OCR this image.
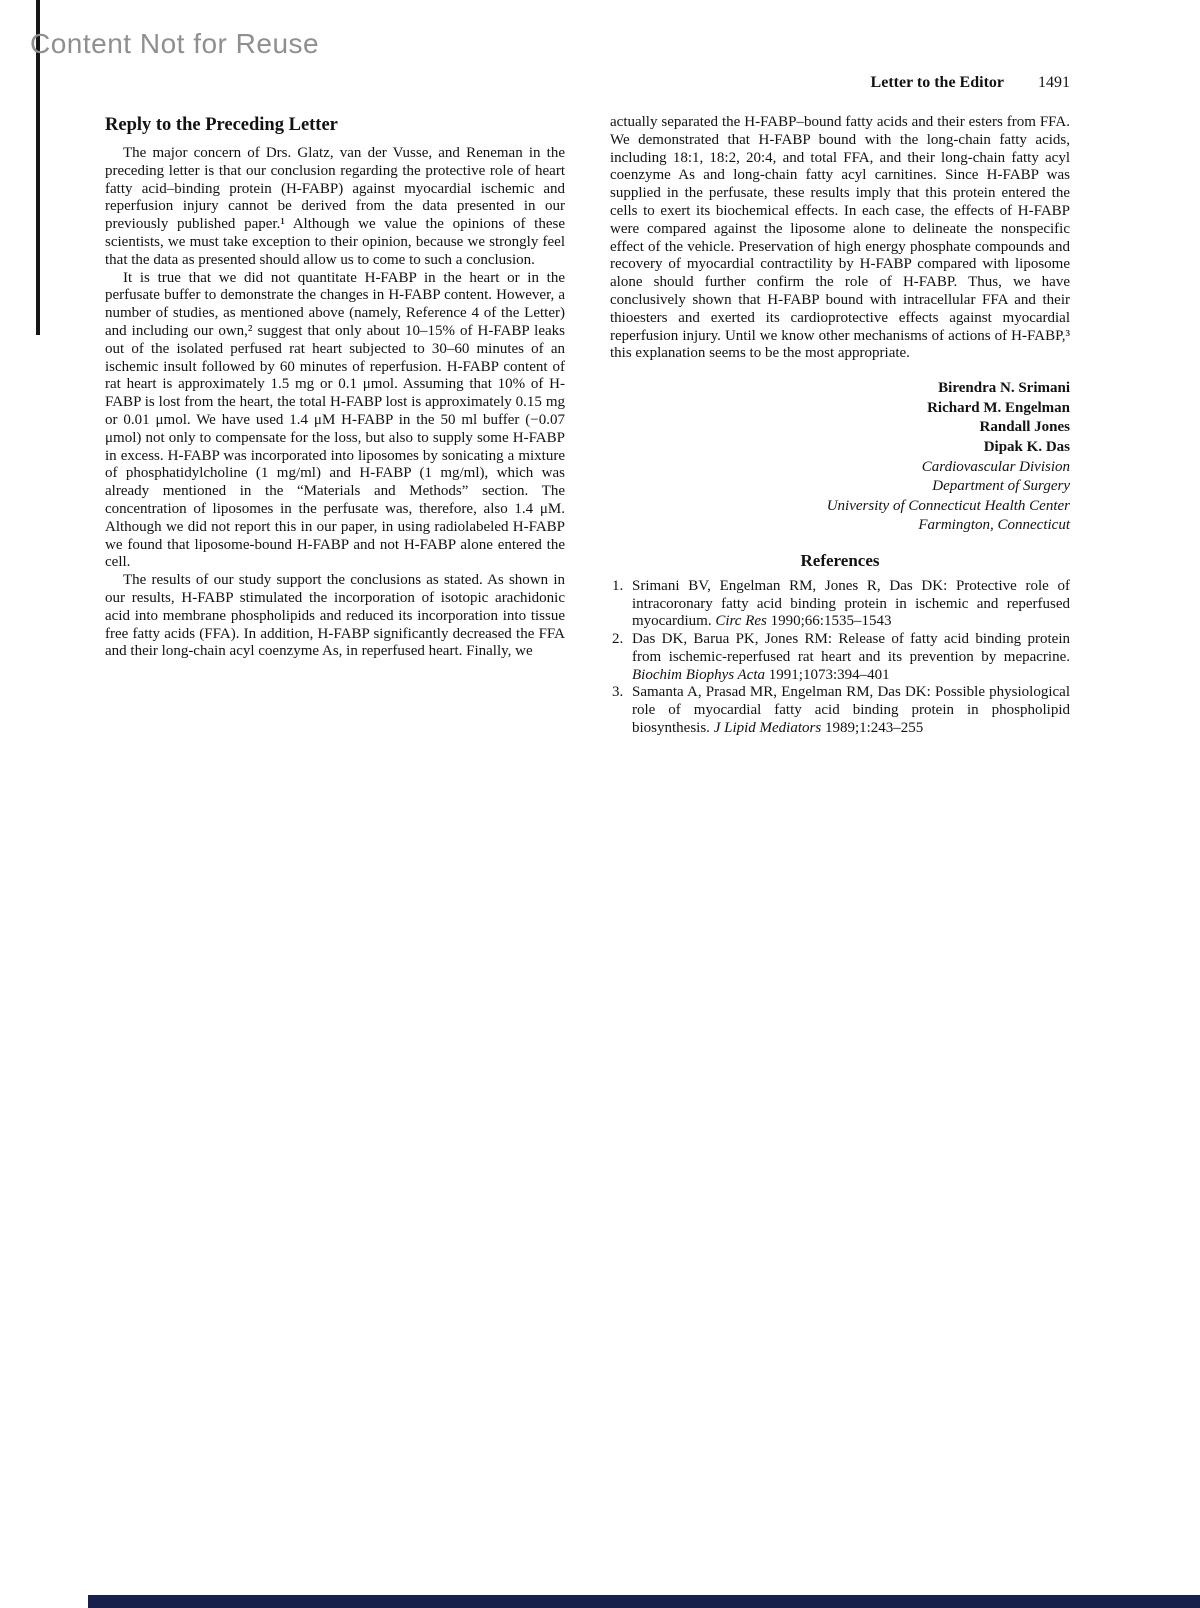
Content Not for Reuse
Letter to the Editor 1491
Reply to the Preceding Letter

The major concern of Drs. Glatz, van der Vusse, and Reneman in the preceding letter is that our conclusion regarding the protective role of heart fatty acid–binding protein (H-FABP) against myocardial ischemic and reperfusion injury cannot be derived from the data presented in our previously published paper.¹ Although we value the opinions of these scientists, we must take exception to their opinion, because we strongly feel that the data as presented should allow us to come to such a conclusion.

It is true that we did not quantitate H-FABP in the heart or in the perfusate buffer to demonstrate the changes in H-FABP content. However, a number of studies, as mentioned above (namely, Reference 4 of the Letter) and including our own,² suggest that only about 10–15% of H-FABP leaks out of the isolated perfused rat heart subjected to 30–60 minutes of an ischemic insult followed by 60 minutes of reperfusion. H-FABP content of rat heart is approximately 1.5 mg or 0.1 μmol. Assuming that 10% of H-FABP is lost from the heart, the total H-FABP lost is approximately 0.15 mg or 0.01 μmol. We have used 1.4 μM H-FABP in the 50 ml buffer (−0.07 μmol) not only to compensate for the loss, but also to supply some H-FABP in excess. H-FABP was incorporated into liposomes by sonicating a mixture of phosphatidylcholine (1 mg/ml) and H-FABP (1 mg/ml), which was already mentioned in the “Materials and Methods” section. The concentration of liposomes in the perfusate was, therefore, also 1.4 μM. Although we did not report this in our paper, in using radiolabeled H-FABP we found that liposome-bound H-FABP and not H-FABP alone entered the cell.

The results of our study support the conclusions as stated. As shown in our results, H-FABP stimulated the incorporation of isotopic arachidonic acid into membrane phospholipids and reduced its incorporation into tissue free fatty acids (FFA). In addition, H-FABP significantly decreased the FFA and their long-chain acyl coenzyme As, in reperfused heart. Finally, we

actually separated the H-FABP–bound fatty acids and their esters from FFA. We demonstrated that H-FABP bound with the long-chain fatty acids, including 18:1, 18:2, 20:4, and total FFA, and their long-chain fatty acyl coenzyme As and long-chain fatty acyl carnitines. Since H-FABP was supplied in the perfusate, these results imply that this protein entered the cells to exert its biochemical effects. In each case, the effects of H-FABP were compared against the liposome alone to delineate the nonspecific effect of the vehicle. Preservation of high energy phosphate compounds and recovery of myocardial contractility by H-FABP compared with liposome alone should further confirm the role of H-FABP. Thus, we have conclusively shown that H-FABP bound with intracellular FFA and their thioesters and exerted its cardioprotective effects against myocardial reperfusion injury. Until we know other mechanisms of actions of H-FABP,³ this explanation seems to be the most appropriate.

Birendra N. Srimani
Richard M. Engelman
Randall Jones
Dipak K. Das
Cardiovascular Division
Department of Surgery
University of Connecticut Health Center
Farmington, Connecticut
References
1. Srimani BV, Engelman RM, Jones R, Das DK: Protective role of intracoronary fatty acid binding protein in ischemic and reperfused myocardium. Circ Res 1990;66:1535–1543
2. Das DK, Barua PK, Jones RM: Release of fatty acid binding protein from ischemic-reperfused rat heart and its prevention by mepacrine. Biochim Biophys Acta 1991;1073:394–401
3. Samanta A, Prasad MR, Engelman RM, Das DK: Possible physiological role of myocardial fatty acid binding protein in phospholipid biosynthesis. J Lipid Mediators 1989;1:243–255
